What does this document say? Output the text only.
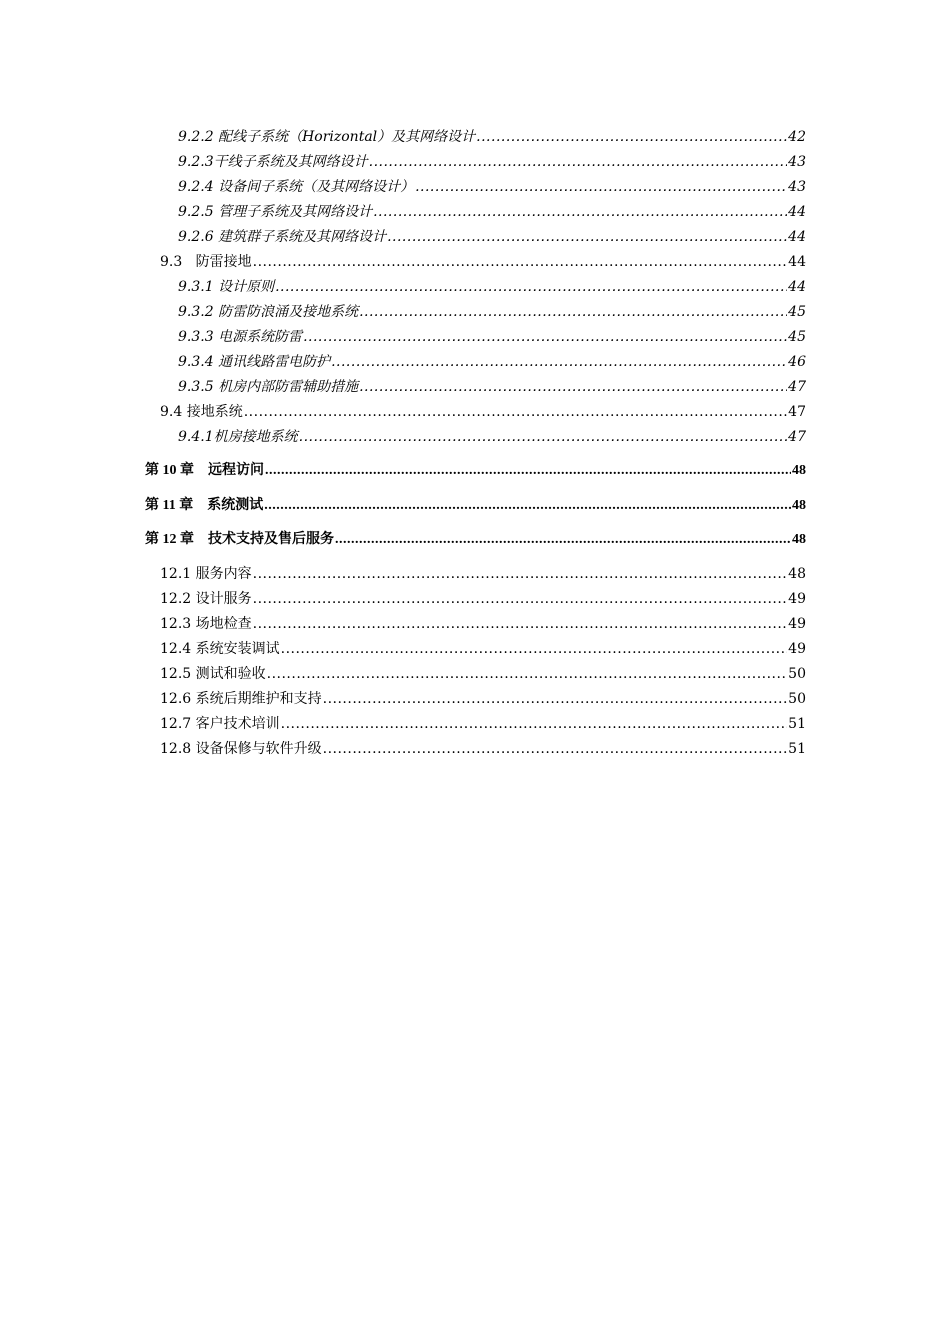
9.2.2 配线子系统（Horizontal）及其网络设计 .....	42
9.2.3干线子系统及其网络设计 .....	43
9.2.4 设备间子系统（及其网络设计） .....	43
9.2.5 管理子系统及其网络设计 .....	44
9.2.6 建筑群子系统及其网络设计 .....	44
9.3   防雷接地 .....	44
9.3.1 设计原则 .....	44
9.3.2 防雷防浪涌及接地系统 .....	45
9.3.3 电源系统防雷 .....	45
9.3.4 通讯线路雷电防护 .....	46
9.3.5 机房内部防雷辅助措施 .....	47
9.4 接地系统 .....	47
9.4.1机房接地系统 .....	47
第 10 章    远程访问 .....	48
第 11 章    系统测试 .....	48
第 12 章    技术支持及售后服务 .....	48
12.1 服务内容 .....	48
12.2 设计服务 .....	49
12.3 场地检查 .....	49
12.4 系统安装调试 .....	49
12.5 测试和验收 .....	50
12.6 系统后期维护和支持 .....	50
12.7 客户技术培训 .....	51
12.8 设备保修与软件升级 .....	51
